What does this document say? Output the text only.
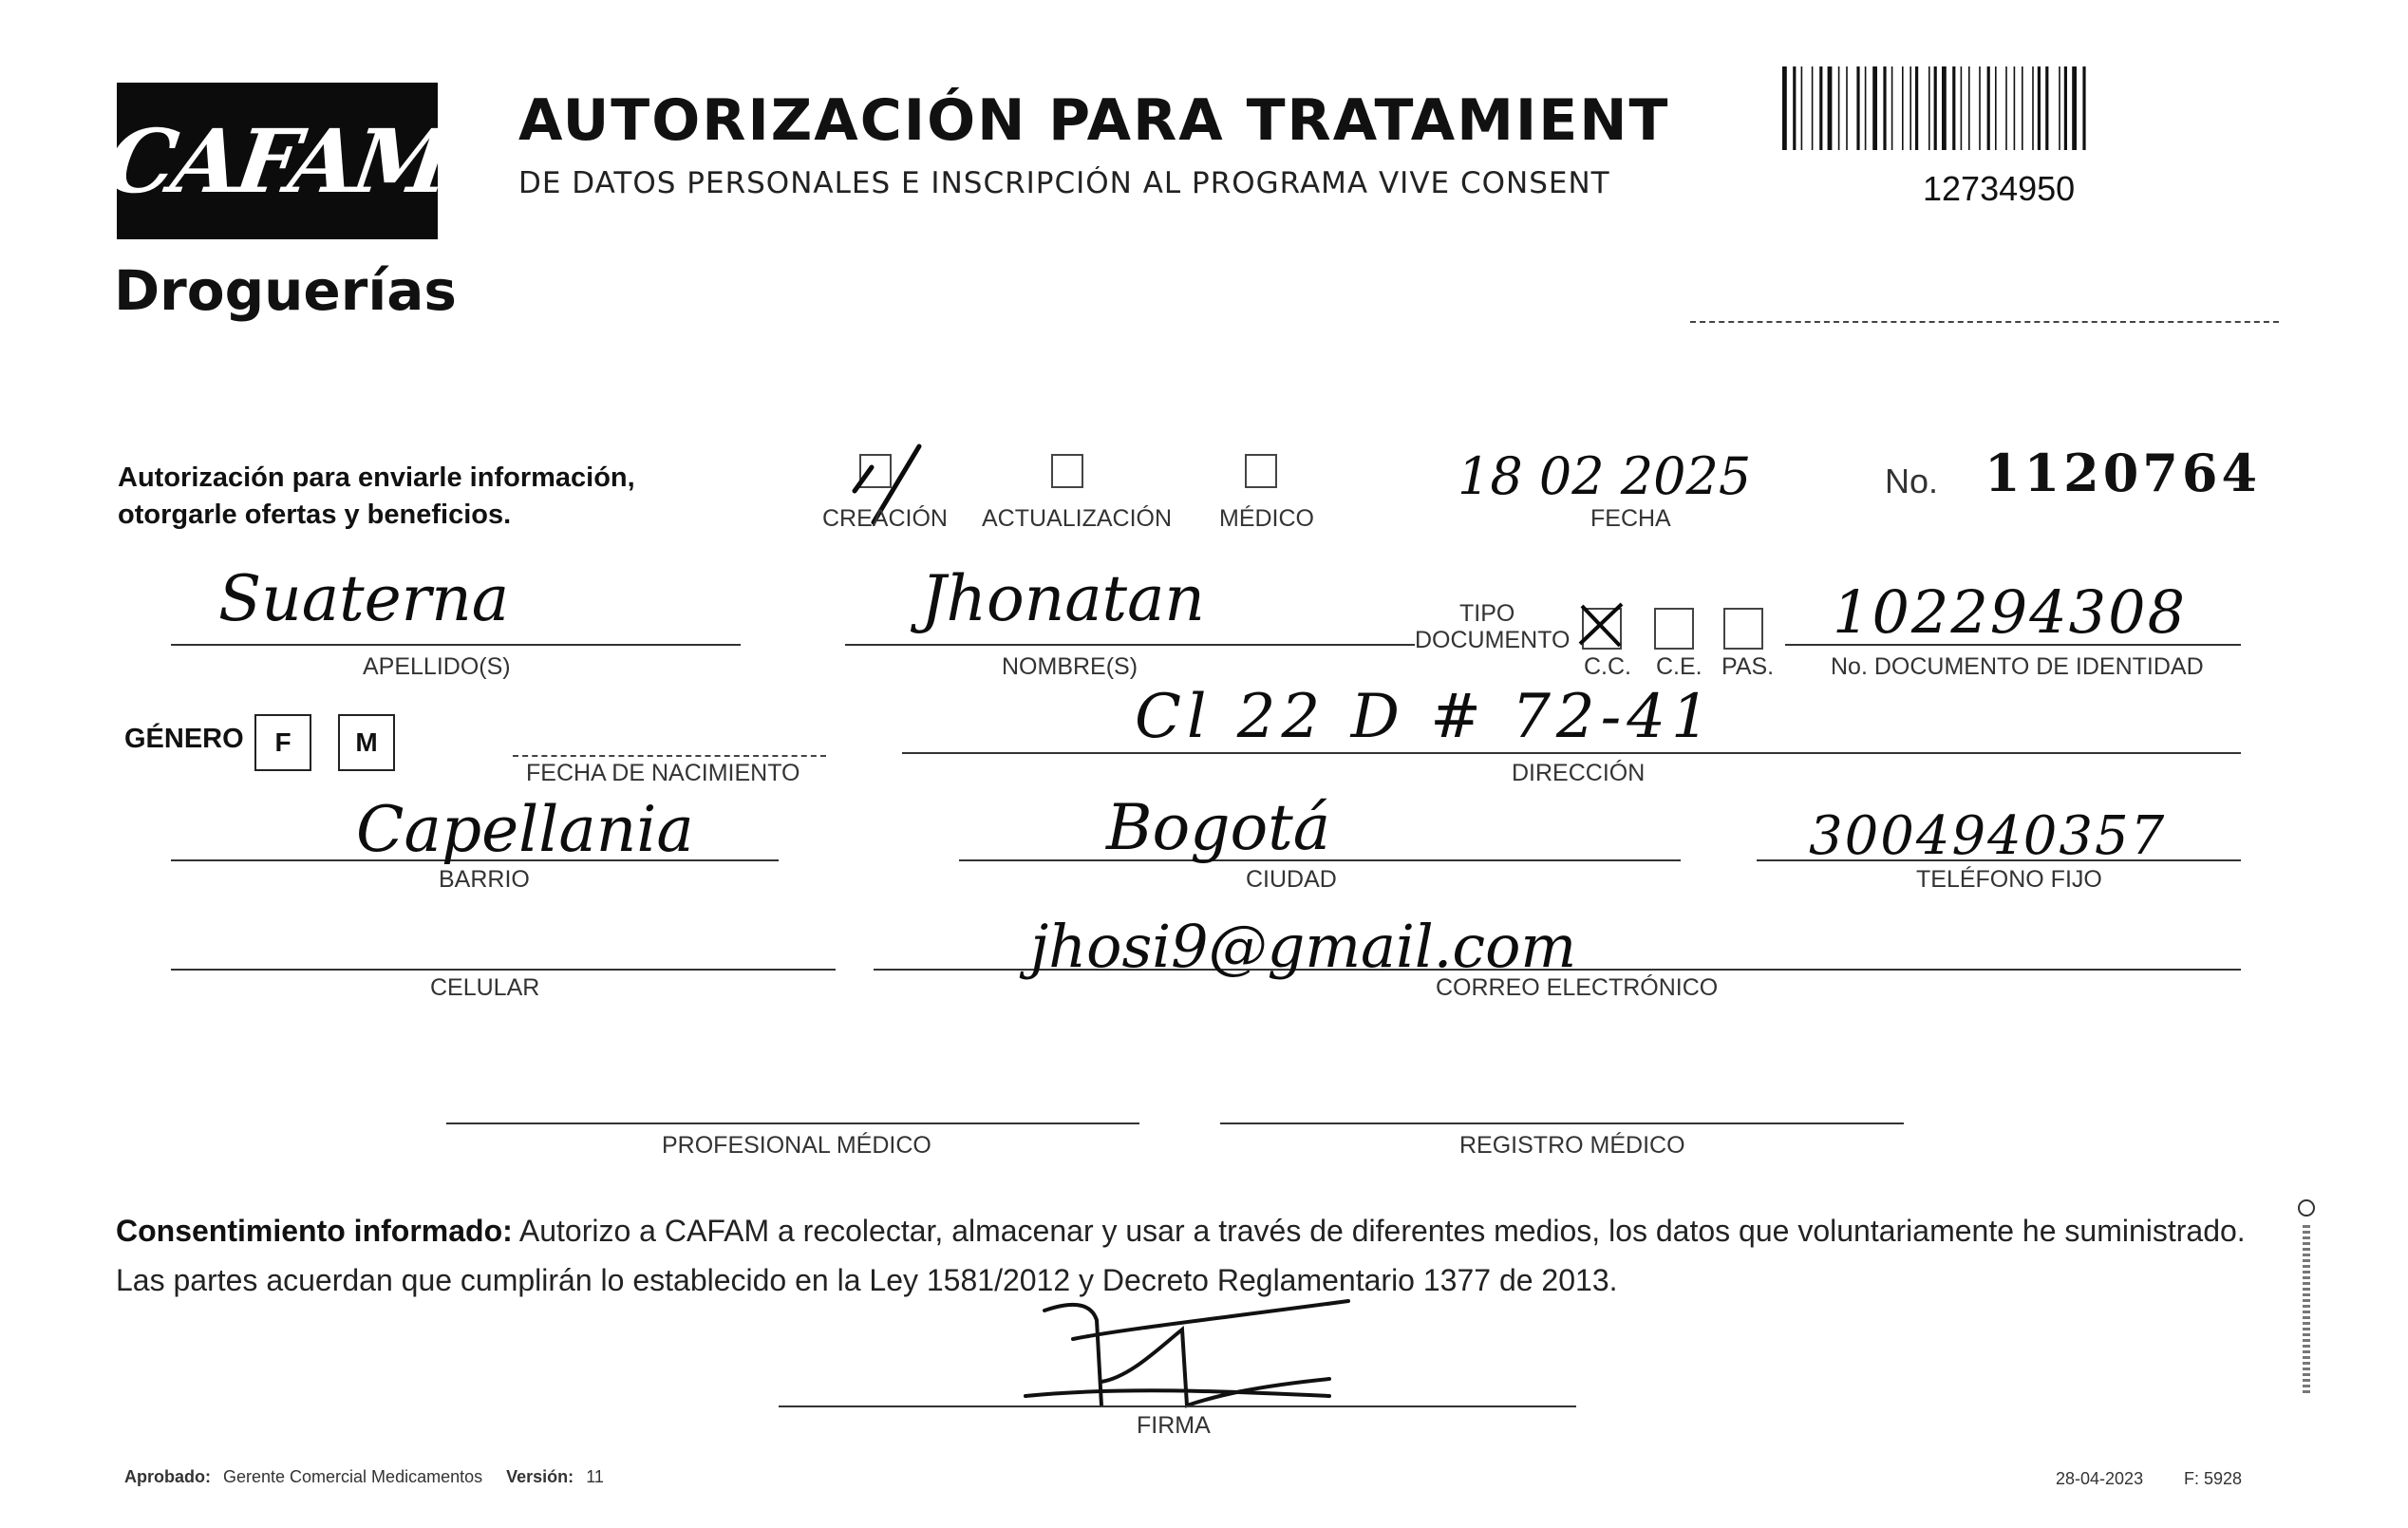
CAFAM
Droguerías
AUTORIZACIÓN PARA TRATAMIENT
DE DATOS PERSONALES E INSCRIPCIÓN AL PROGRAMA VIVE CONSENT	12734950
Autorización para enviarle información,
otorgarle ofertas y beneficios.	CREACIÓN ACTUALIZACIÓN MÉDICO
18 02 2025
FECHA
No. 1120764
Suaterna
APELLIDO(S)
Jhonatan
NOMBRE(S)
TIPO
DOCUMENTO
C.C. C.E. PAS.
102294308
No. DOCUMENTO DE IDENTIDAD
GÉNERO	F	M
FECHA DE NACIMIENTO
Cl 22 D # 72-41
DIRECCIÓN
Capellania
BARRIO
Bogotá
CIUDAD
3004940357
TELÉFONO FIJO
CELULAR
jhosi9@gmail.com
CORREO ELECTRÓNICO
PROFESIONAL MÉDICO	REGISTRO MÉDICO
Consentimiento informado: Autorizo a CAFAM a recolectar, almacenar y usar a través de diferentes medios, los datos que voluntariamente he suministrado. Las partes acuerdan que cumplirán lo establecido en la Ley 1581/2012 y Decreto Reglamentario 1377 de 2013.
FIRMA
Aprobado: Gerente Comercial Medicamentos Versión: 11	28-04-2023 F: 5928
